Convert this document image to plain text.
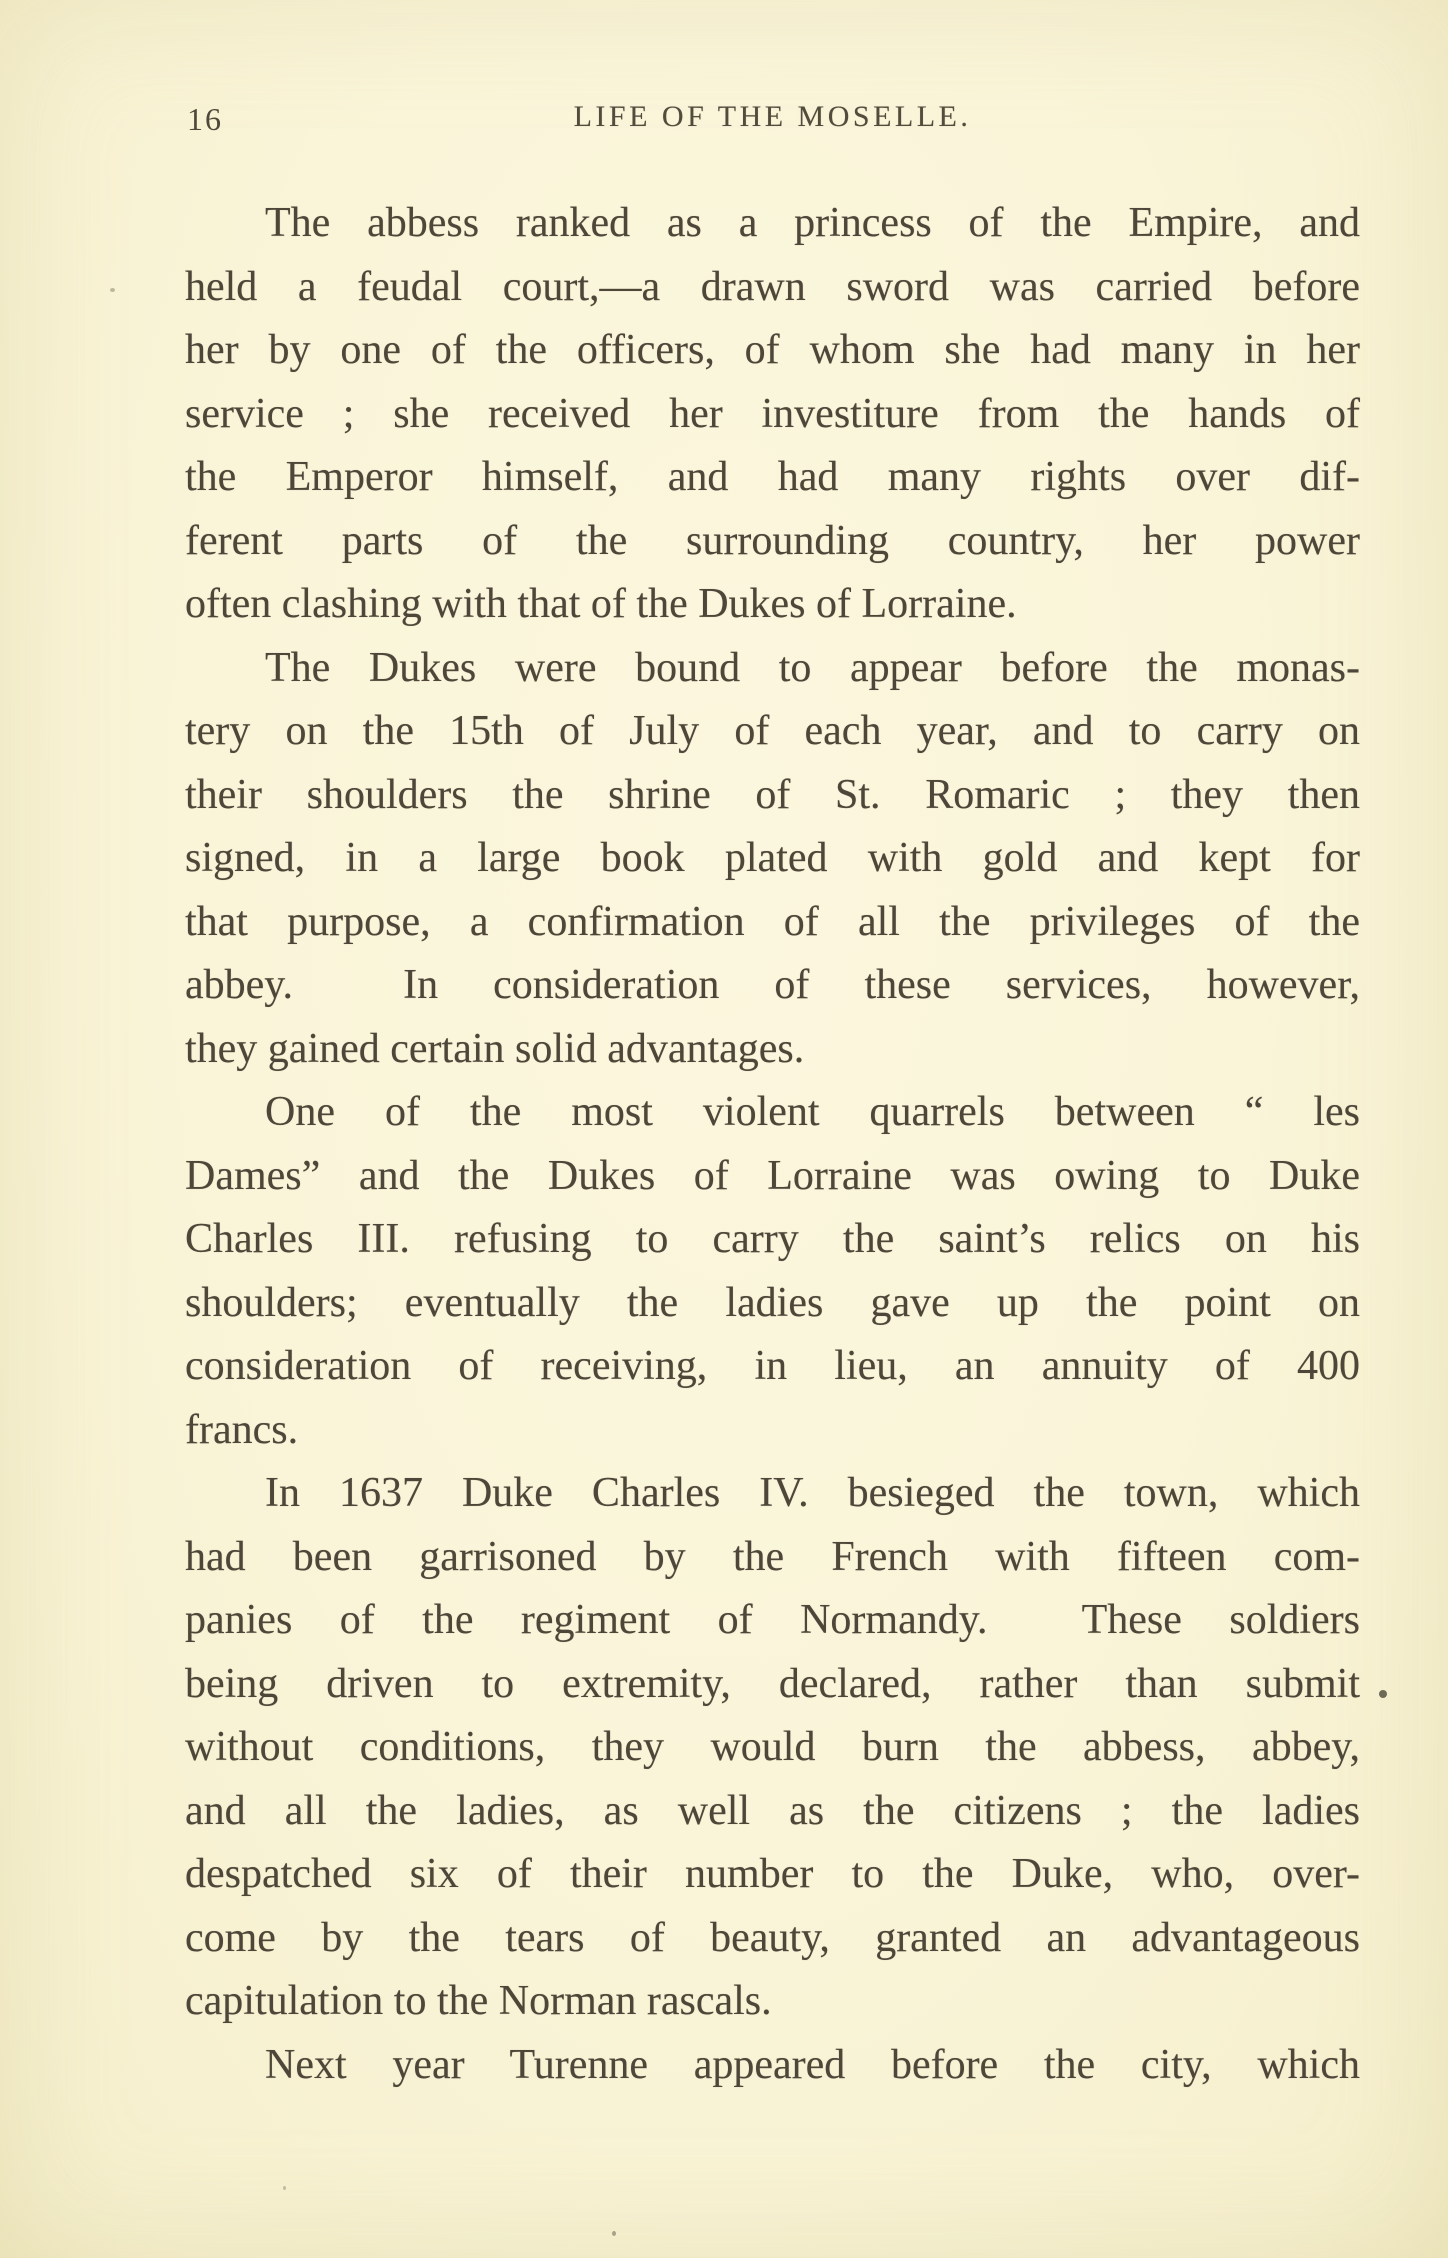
16	LIFE OF THE MOSELLE.
The abbess ranked as a princess of the Empire, and
held a feudal court,—a drawn sword was carried before
her by one of the officers, of whom she had many in her
service ; she received her investiture from the hands of
the Emperor himself, and had many rights over dif-
ferent parts of the surrounding country, her power
often clashing with that of the Dukes of Lorraine.
The Dukes were bound to appear before the monas-
tery on the 15th of July of each year, and to carry on
their shoulders the shrine of St. Romaric ; they then
signed, in a large book plated with gold and kept for
that purpose, a confirmation of all the privileges of the
abbey.  In consideration of these services, however,
they gained certain solid advantages.
One of the most violent quarrels between “ les
Dames” and the Dukes of Lorraine was owing to Duke
Charles III. refusing to carry the saint’s relics on his
shoulders; eventually the ladies gave up the point on
consideration of receiving, in lieu, an annuity of 400
francs.
In 1637 Duke Charles IV. besieged the town, which
had been garrisoned by the French with fifteen com-
panies of the regiment of Normandy.  These soldiers
being driven to extremity, declared, rather than submit
without conditions, they would burn the abbess, abbey,
and all the ladies, as well as the citizens ; the ladies
despatched six of their number to the Duke, who, over-
come by the tears of beauty, granted an advantageous
capitulation to the Norman rascals.
Next year Turenne appeared before the city, which
